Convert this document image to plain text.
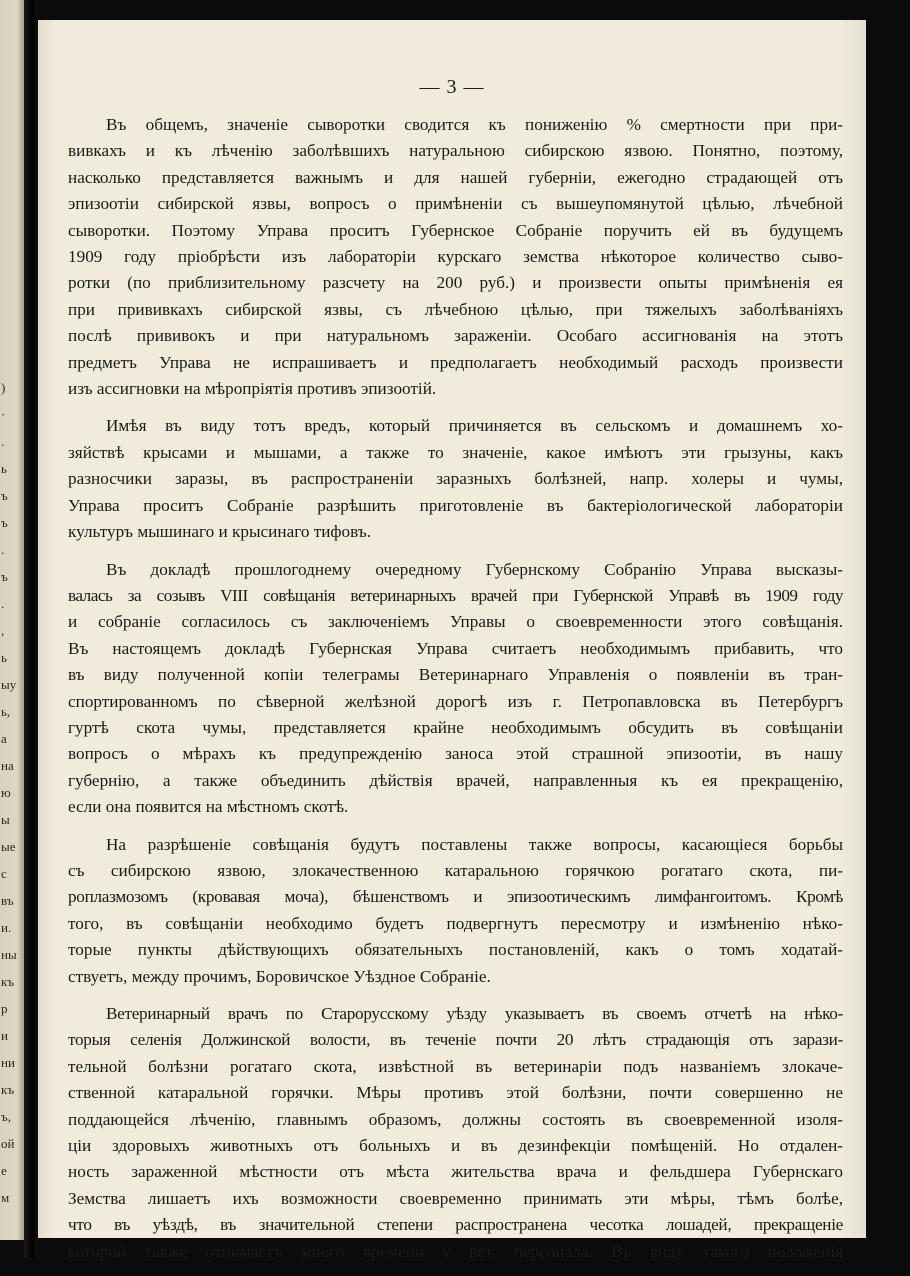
)
·
.
ь
ъ
ъ
.
ъ
.
,
ь
ыу
ь,
а
на
ю
ы
ые
с
въ
и.
ны
къ
р
и
ни
къ
ъ,
ой
е
м
— 3 —
Въ общемъ, значеніе сыворотки сводится къ пониженію % смертности при при-
вивкахъ и къ лѣченію заболѣвшихъ натуральною сибирскою язвою. Понятно, поэтому,
насколько представляется важнымъ и для нашей губерніи, ежегодно страдающей отъ
эпизоотіи сибирской язвы, вопросъ о примѣненіи съ вышеупомянутой цѣлью, лѣчебной
сыворотки. Поэтому Управа проситъ Губернское Собраніе поручить ей въ будущемъ
1909 году пріобрѣсти изъ лабораторіи курскаго земства нѣкоторое количество сыво-
ротки (по приблизительному разсчету на 200 руб.) и произвести опыты примѣненія ея
при прививкахъ сибирской язвы, съ лѣчебною цѣлью, при тяжелыхъ заболѣваніяхъ
послѣ прививокъ и при натуральномъ зараженіи. Особаго ассигнованія на этотъ
предметъ Управа не испрашиваетъ и предполагаетъ необходимый расходъ произвести
изъ ассигновки на мѣропріятія противъ эпизоотій.
Имѣя въ виду тотъ вредъ, который причиняется въ сельскомъ и домашнемъ хо-
зяйствѣ крысами и мышами, а также то значеніе, какое имѣютъ эти грызуны, какъ
разносчики заразы, въ распространеніи заразныхъ болѣзней, напр. холеры и чумы,
Управа проситъ Собраніе разрѣшить приготовленіе въ бактеріологической лабораторіи
культуръ мышинаго и крысинаго тифовъ.
Въ докладѣ прошлогоднему очередному Губернскому Собранію Управа высказы-
валась за созывъ VIII совѣщанія ветеринарныхъ врачей при Губернской Управѣ въ 1909 году
и собраніе согласилось съ заключеніемъ Управы о своевременности этого совѣщанія.
Въ настоящемъ докладѣ Губернская Управа считаетъ необходимымъ прибавить, что
въ виду полученной копіи телеграмы Ветеринарнаго Управленія о появленіи въ тран-
спортированномъ по сѣверной желѣзной дорогѣ изъ г. Петропавловска въ Петербургъ
гуртѣ скота чумы, представляется крайне необходимымъ обсудить въ совѣщаніи
вопросъ о мѣрахъ къ предупрежденію заноса этой страшной эпизоотіи, въ нашу
губернію, а также объединить дѣйствія врачей, направленныя къ ея прекращенію,
если она появится на мѣстномъ скотѣ.
На разрѣшеніе совѣщанія будутъ поставлены также вопросы, касающіеся борьбы
съ сибирскою язвою, злокачественною катаральною горячкою рогатаго скота, пи-
роплазмозомъ (кровавая моча), бѣшенствомъ и эпизоотическимъ лимфангоитомъ. Кромѣ
того, въ совѣщаніи необходимо будетъ подвергнутъ пересмотру и измѣненію нѣко-
торые пункты дѣйствующихъ обязательныхъ постановленій, какъ о томъ ходатай-
ствуетъ, между прочимъ, Боровичское Уѣздное Собраніе.
Ветеринарный врачъ по Старорусскому уѣзду указываетъ въ своемъ отчетѣ на нѣко-
торыя селенія Должинской волости, въ теченіе почти 20 лѣтъ страдающія отъ зарази-
тельной болѣзни рогатаго скота, извѣстной въ ветеринаріи подъ названіемъ злокаче-
ственной катаральной горячки. Мѣры противъ этой болѣзни, почти совершенно не
поддающейся лѣченію, главнымъ образомъ, должны состоять въ своевременной изоля-
ціи здоровыхъ животныхъ отъ больныхъ и въ дезинфекціи помѣщеній. Но отдален-
ность зараженной мѣстности отъ мѣста жительства врача и фельдшера Губернскаго
Земства лишаетъ ихъ возможности своевременно принимать эти мѣры, тѣмъ болѣе,
что въ уѣздѣ, въ значительной степени распространена чесотка лошадей, прекращеніе
которой также отнимаетъ много времени у вет. персонала. Въ виду такого положенія
